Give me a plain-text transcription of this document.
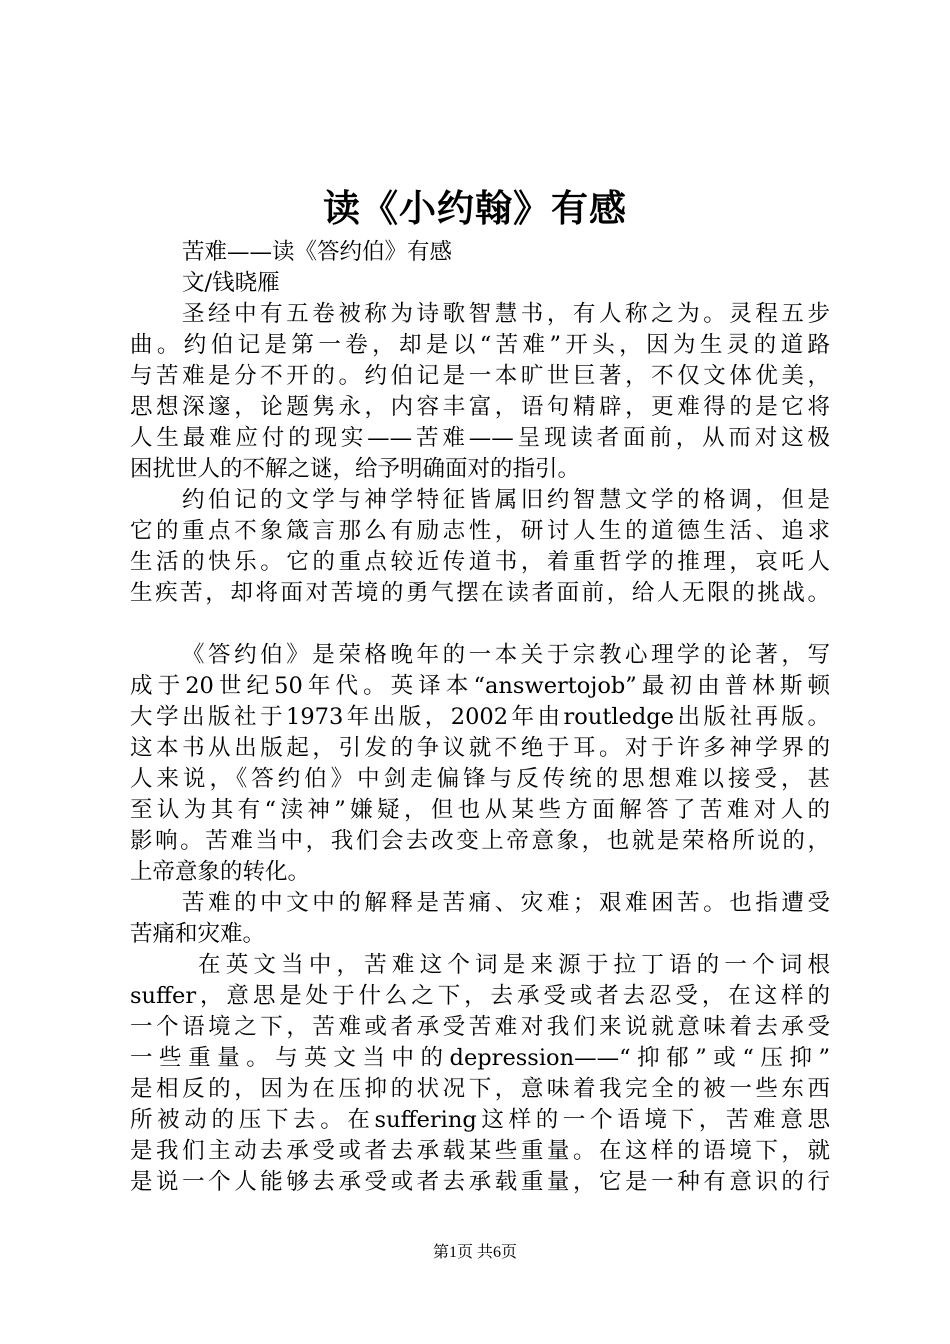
读《小约翰》有感
苦难——读《答约伯》有感
文/钱晓雁
圣经中有五卷被称为诗歌智慧书，有人称之为。灵程五步
曲。约伯记是第一卷，却是以“苦难”开头，因为生灵的道路
与苦难是分不开的。约伯记是一本旷世巨著，不仅文体优美，
思想深邃，论题隽永，内容丰富，语句精辟，更难得的是它将
人生最难应付的现实——苦难——呈现读者面前，从而对这极
困扰世人的不解之谜，给予明确面对的指引。
约伯记的文学与神学特征皆属旧约智慧文学的格调，但是
它的重点不象箴言那么有励志性，研讨人生的道德生活、追求
生活的快乐。它的重点较近传道书，着重哲学的推理，哀吒人
生疾苦，却将面对苦境的勇气摆在读者面前，给人无限的挑战。
《答约伯》是荣格晚年的一本关于宗教心理学的论著，写
成于20世纪50年代。英译本“answertojob”最初由普林斯顿
大学出版社于1973年出版，2002年由routledge出版社再版。
这本书从出版起，引发的争议就不绝于耳。对于许多神学界的
人来说，《答约伯》中剑走偏锋与反传统的思想难以接受，甚
至认为其有“渎神”嫌疑，但也从某些方面解答了苦难对人的
影响。苦难当中，我们会去改变上帝意象，也就是荣格所说的，
上帝意象的转化。
苦难的中文中的解释是苦痛、灾难；艰难困苦。也指遭受
苦痛和灾难。
在英文当中，苦难这个词是来源于拉丁语的一个词根
suffer，意思是处于什么之下，去承受或者去忍受，在这样的
一个语境之下，苦难或者承受苦难对我们来说就意味着去承受
一些重量。与英文当中的depression——“抑郁”或“压抑”
是相反的，因为在压抑的状况下，意味着我完全的被一些东西
所被动的压下去。在suffering这样的一个语境下，苦难意思
是我们主动去承受或者去承载某些重量。在这样的语境下，就
是说一个人能够去承受或者去承载重量，它是一种有意识的行
第1页 共6页
